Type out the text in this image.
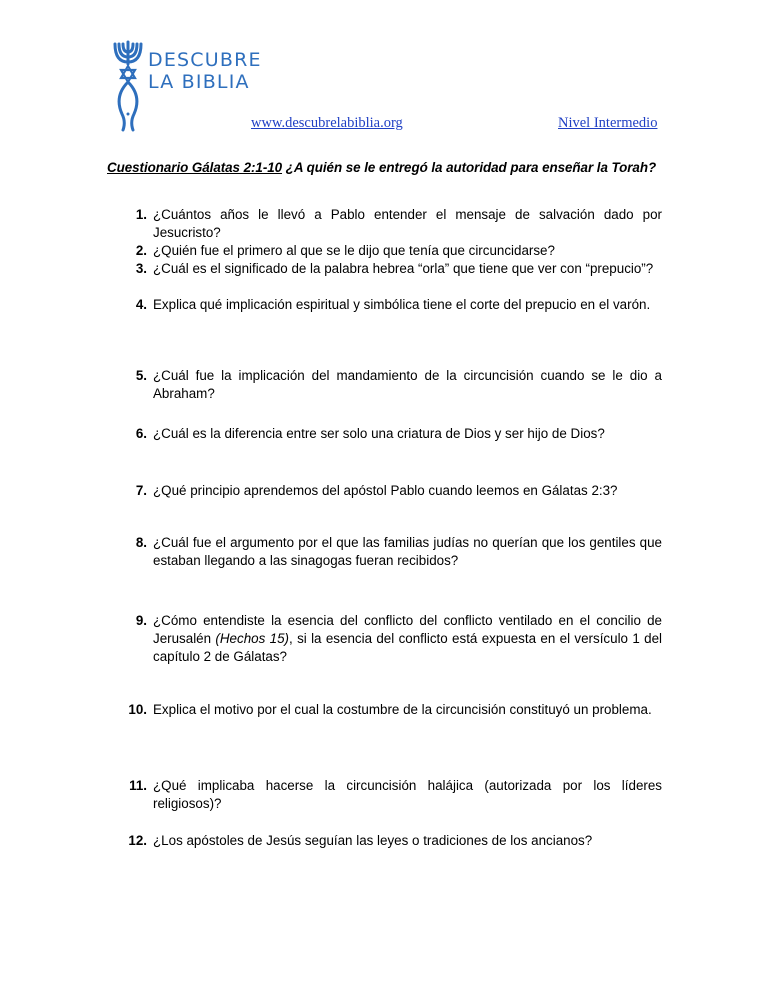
DESCUBRE
LA BIBLIA
www.descubrelabiblia.org	Nivel Intermedio
Cuestionario Gálatas 2:1-10 ¿A quién se le entregó la autoridad para enseñar la Torah?
1. ¿Cuántos años le llevó a Pablo entender el mensaje de salvación dado por Jesucristo?
2. ¿Quién fue el primero al que se le dijo que tenía que circuncidarse?
3. ¿Cuál es el significado de la palabra hebrea “orla” que tiene que ver con “prepucio”?
4. Explica qué implicación espiritual y simbólica tiene el corte del prepucio en el varón.
5. ¿Cuál fue la implicación del mandamiento de la circuncisión cuando se le dio a Abraham?
6. ¿Cuál es la diferencia entre ser solo una criatura de Dios y ser hijo de Dios?
7. ¿Qué principio aprendemos del apóstol Pablo cuando leemos en Gálatas 2:3?
8. ¿Cuál fue el argumento por el que las familias judías no querían que los gentiles que estaban llegando a las sinagogas fueran recibidos?
9. ¿Cómo entendiste la esencia del conflicto del conflicto ventilado en el concilio de Jerusalén (Hechos 15), si la esencia del conflicto está expuesta en el versículo 1 del capítulo 2 de Gálatas?
10. Explica el motivo por el cual la costumbre de la circuncisión constituyó un problema.
11. ¿Qué implicaba hacerse la circuncisión halájica (autorizada por los líderes religiosos)?
12. ¿Los apóstoles de Jesús seguían las leyes o tradiciones de los ancianos?
